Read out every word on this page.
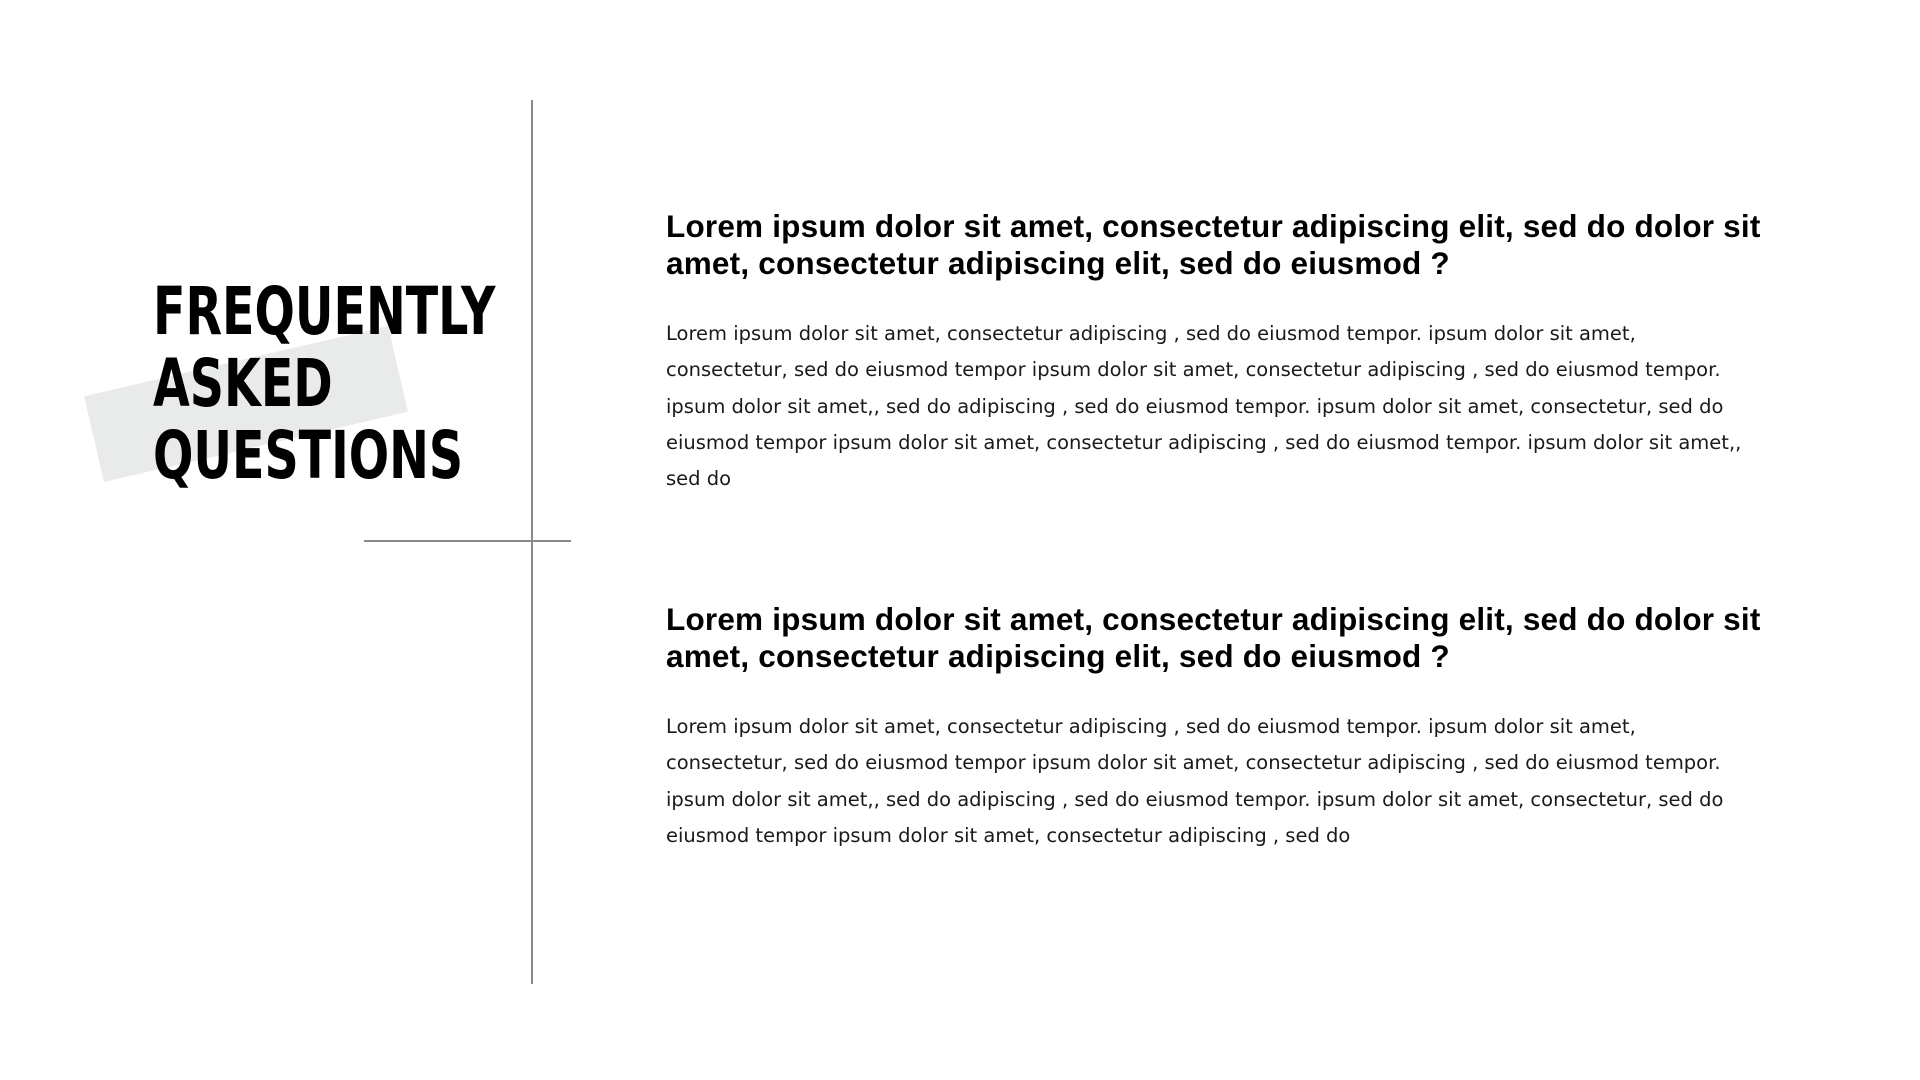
FREQUENTLY
ASKED
QUESTIONS
Lorem ipsum dolor sit amet, consectetur adipiscing elit, sed do dolor sit amet, consectetur adipiscing elit, sed do eiusmod ?

Lorem ipsum dolor sit amet, consectetur adipiscing , sed do eiusmod tempor. ipsum dolor sit amet,
consectetur, sed do eiusmod tempor ipsum dolor sit amet, consectetur adipiscing , sed do eiusmod tempor.
ipsum dolor sit amet,, sed do adipiscing , sed do eiusmod tempor. ipsum dolor sit amet, consectetur, sed do
eiusmod tempor ipsum dolor sit amet, consectetur adipiscing , sed do eiusmod tempor. ipsum dolor sit amet,,
sed do

Lorem ipsum dolor sit amet, consectetur adipiscing elit, sed do dolor sit amet, consectetur adipiscing elit, sed do eiusmod ?

Lorem ipsum dolor sit amet, consectetur adipiscing , sed do eiusmod tempor. ipsum dolor sit amet,
consectetur, sed do eiusmod tempor ipsum dolor sit amet, consectetur adipiscing , sed do eiusmod tempor.
ipsum dolor sit amet,, sed do adipiscing , sed do eiusmod tempor. ipsum dolor sit amet, consectetur, sed do
eiusmod tempor ipsum dolor sit amet, consectetur adipiscing , sed do
